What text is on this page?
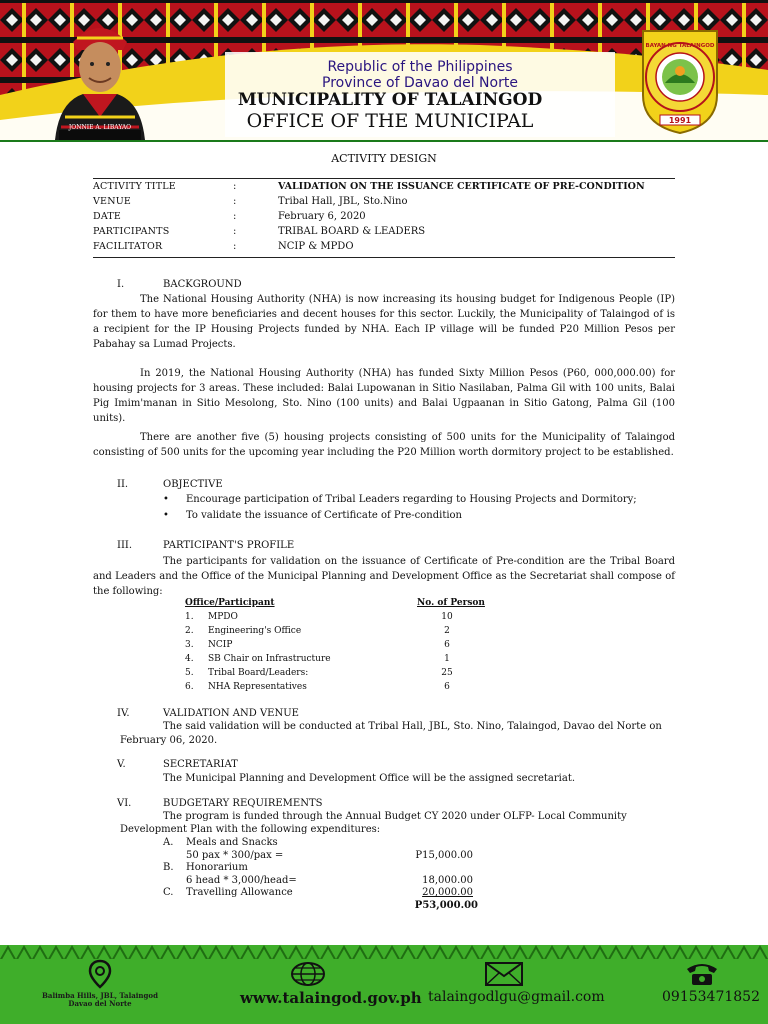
Republic of the Philippines
Province of Davao del Norte
MUNICIPALITY OF TALAINGOD
OFFICE OF THE MUNICIPAL
JONNIE A. LIBAYAO
1991
BAYAN NG TALAINGOD
ACTIVITY DESIGN
ACTIVITY TITLE	:	VALIDATION ON THE ISSUANCE CERTIFICATE OF PRE-CONDITION
VENUE	:	Tribal Hall, JBL, Sto.Nino
DATE	:	February 6, 2020
PARTICIPANTS	:	TRIBAL BOARD & LEADERS
FACILITATOR	:	NCIP & MPDO
I.	BACKGROUND
The National Housing Authority (NHA) is now increasing its housing budget for Indigenous People (IP) for them to have more beneficiaries and decent houses for this sector. Luckily, the Municipality of Talaingod of is a recipient for the IP Housing Projects funded by NHA. Each IP village will be funded P20 Million Pesos per Pabahay sa Lumad Projects.
In 2019, the National Housing Authority (NHA) has funded Sixty Million Pesos (P60, 000,000.00) for housing projects for 3 areas. These included: Balai Lupowanan in Sitio Nasilaban, Palma Gil with 100 units, Balai Pig Imim'manan in Sitio Mesolong, Sto. Nino (100 units) and Balai Ugpaanan in Sitio Gatong, Palma Gil (100 units).
There are another five (5) housing projects consisting of 500 units for the Municipality of Talaingod consisting of 500 units for the upcoming year including the P20 Million worth dormitory project to be established.
II.	OBJECTIVE
• Encourage participation of Tribal Leaders regarding to Housing Projects and Dormitory;
• To validate the issuance of Certificate of Pre-condition
III.	PARTICIPANT'S PROFILE
The participants for validation on the issuance of Certificate of Pre-condition are the Tribal Board and Leaders and the Office of the Municipal Planning and Development Office as the Secretariat shall compose of the following:
Office/Participant	No. of Person
1. MPDO	10
2. Engineering's Office	2
3. NCIP	6
4. SB Chair on Infrastructure	1
5. Tribal Board/Leaders:	25
6. NHA Representatives	6
IV.	VALIDATION AND VENUE
The said validation will be conducted at Tribal Hall, JBL, Sto. Nino, Talaingod, Davao del Norte on
February 06, 2020.
V.	SECRETARIAT
The Municipal Planning and Development Office will be the assigned secretariat.
VI.	BUDGETARY REQUIREMENTS
The program is funded through the Annual Budget CY 2020 under OLFP- Local Community
Development Plan with the following expenditures:
A. Meals and Snacks
50 pax * 300/pax =	P15,000.00
B. Honorarium
6 head * 3,000/head=	18,000.00
C. Travelling Allowance	20,000.00
P53,000.00
Balimba Hills, JBL, Talaingod Davao del Norte	www.talaingod.gov.ph talaingodlgu@gmail.com	09153471852
